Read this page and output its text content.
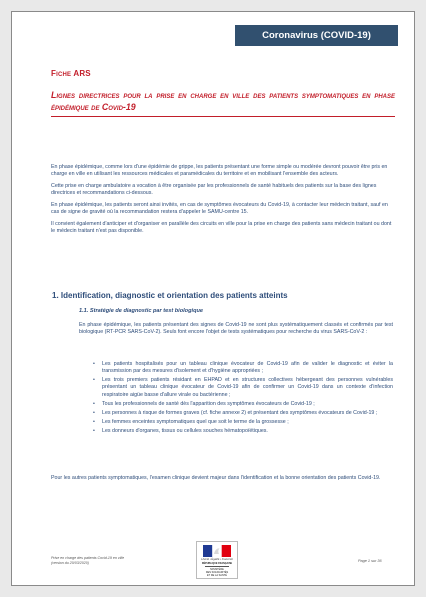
Coronavirus (COVID-19)
Fiche ARS
Lignes directrices pour la prise en charge en ville des patients symptomatiques en phase épidémique de Covid-19

En phase épidémique, comme lors d'une épidémie de grippe, les patients présentant une forme simple ou modérée devront pouvoir être pris en charge en ville en utilisant les ressources médicales et paramédicales du territoire et en mobilisant l'ensemble des acteurs.

Cette prise en charge ambulatoire a vocation à être organisée par les professionnels de santé habituels des patients sur la base des lignes directrices et recommandations ci-dessous.

En phase épidémique, les patients seront ainsi invités, en cas de symptômes évocateurs du Covid-19, à contacter leur médecin traitant, sauf en cas de signe de gravité où la recommandation restera d'appeler le SAMU-centre 15.

Il convient également d'anticiper et d'organiser en parallèle des circuits en ville pour la prise en charge des patients sans médecin traitant ou dont le médecin traitant n'est pas disponible.

1. Identification, diagnostic et orientation des patients atteints
1.1. Stratégie de diagnostic par test biologique

En phase épidémique, les patients présentant des signes de Covid-19 ne sont plus systématiquement classés et confirmés par test biologique (RT-PCR SARS-CoV-2). Seuls font encore l'objet de tests systématiques pour recherche du virus SARS-CoV-2 :

• Les patients hospitalisés pour un tableau clinique évocateur de Covid-19 afin de valider le diagnostic et éviter la transmission par des mesures d'isolement et d'hygiène appropriées ;
• Les trois premiers patients résidant en EHPAD et en structures collectives hébergeant des personnes vulnérables présentant un tableau clinique évocateur de Covid-19 afin de confirmer un Covid-19 dans un contexte d'infection respiratoire aigüe basse d'allure virale ou bactérienne ;
• Tous les professionnels de santé dès l'apparition des symptômes évocateurs de Covid-19 ;
• Les personnes à risque de formes graves (cf. fiche annexe 2) et présentant des symptômes évocateurs de Covid-19 ;
• Les femmes enceintes symptomatiques quel que soit le terme de la grossesse ;
• Les donneurs d'organes, tissus ou cellules souches hématopoïétiques.
Pour les autres patients symptomatiques, l'examen clinique devient majeur dans l'identification et la bonne orientation des patients Covid-19.
Prise en charge des patients Covid-19 en ville
(version du 20/03/2020)
Liberté • Égalité • Fraternité
RÉPUBLIQUE FRANÇAISE
MINISTÈRE
DES SOLIDARITÉS
ET DE LA SANTÉ
Page 1 sur 36
